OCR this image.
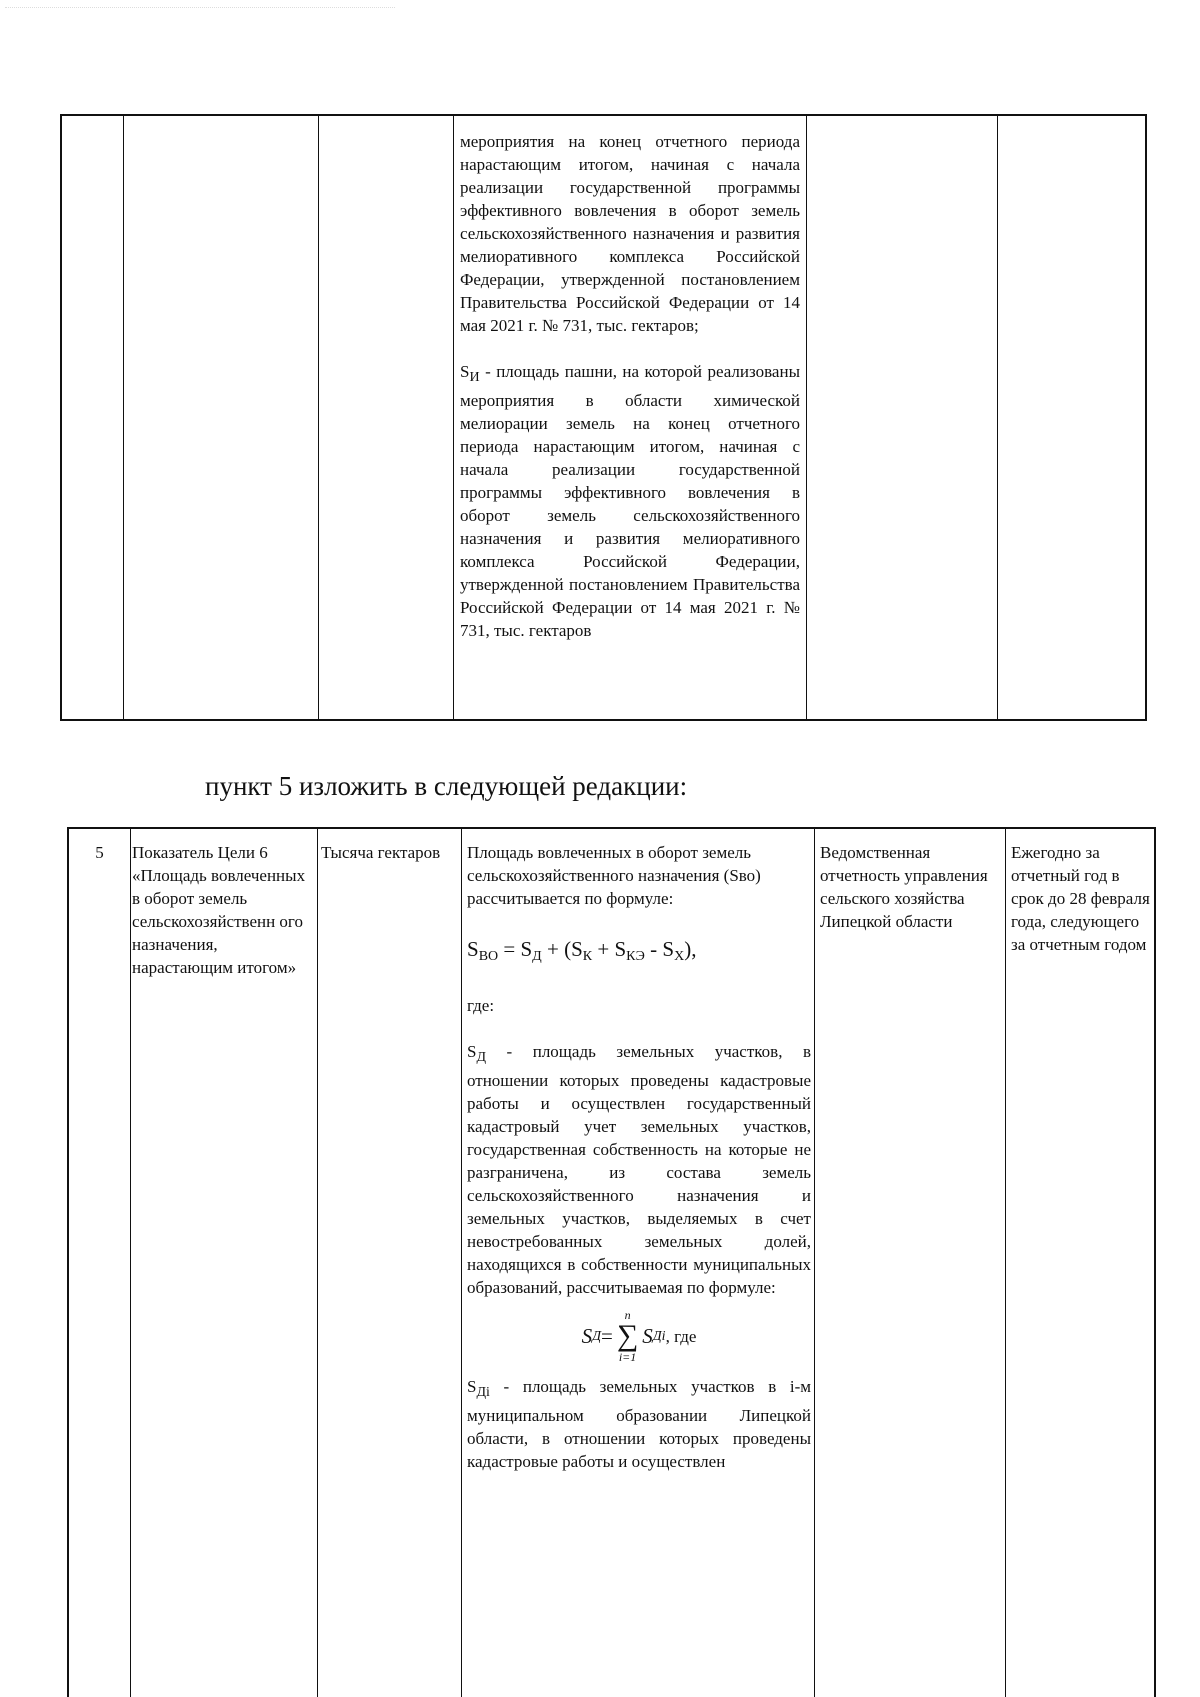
мероприятия на конец отчетного периода нарастающим итогом, начиная с начала реализации государственной программы эффективного вовлечения в оборот земель сельскохозяйственного назначения и развития мелиоративного комплекса Российской Федерации, утвержденной постановлением Правительства Российской Федерации от 14 мая 2021 г. № 731, тыс. гектаров;

$S_И$ - площадь пашни, на которой реализованы мероприятия в области химической мелиорации земель на конец отчетного периода нарастающим итогом, начиная с начала реализации государственной программы эффективного вовлечения в оборот земель сельскохозяйственного назначения и развития мелиоративного комплекса Российской Федерации, утвержденной постановлением Правительства Российской Федерации от 14 мая 2021 г. № 731, тыс. гектаров

пункт 5 изложить в следующей редакции:
5	Показатель Цели 6 «Площадь вовлеченных в оборот земель сельскохозяйственн ого назначения, нарастающим итогом»
Тысяча гектаров	Площадь вовлеченных в оборот земель сельскохозяйственного назначения (Sво) рассчитывается по формуле:
$S_{ВО} = S_Д + (S_К + S_{КЭ} - S_Х)$,

где:

$S_Д$ - площадь земельных участков, в отношении которых проведены кадастровые работы и осуществлен государственный кадастровый учет земельных участков, государственная собственность на которые не разграничена, из состава земель сельскохозяйственного назначения и земельных участков, выделяемых в счет невостребованных земельных долей, находящихся в собственности муниципальных образований, рассчитываемая по формуле:

S Д =
n
∑
i=1
S Дi , где

$S_{Дi}$ - площадь земельных участков в i-м муниципальном образовании Липецкой области, в отношении которых проведены кадастровые работы и осуществлен

Ведомственная отчетность управления сельского хозяйства Липецкой области
Ежегодно за отчетный год в срок до 28 февраля года, следующего за отчетным годом
